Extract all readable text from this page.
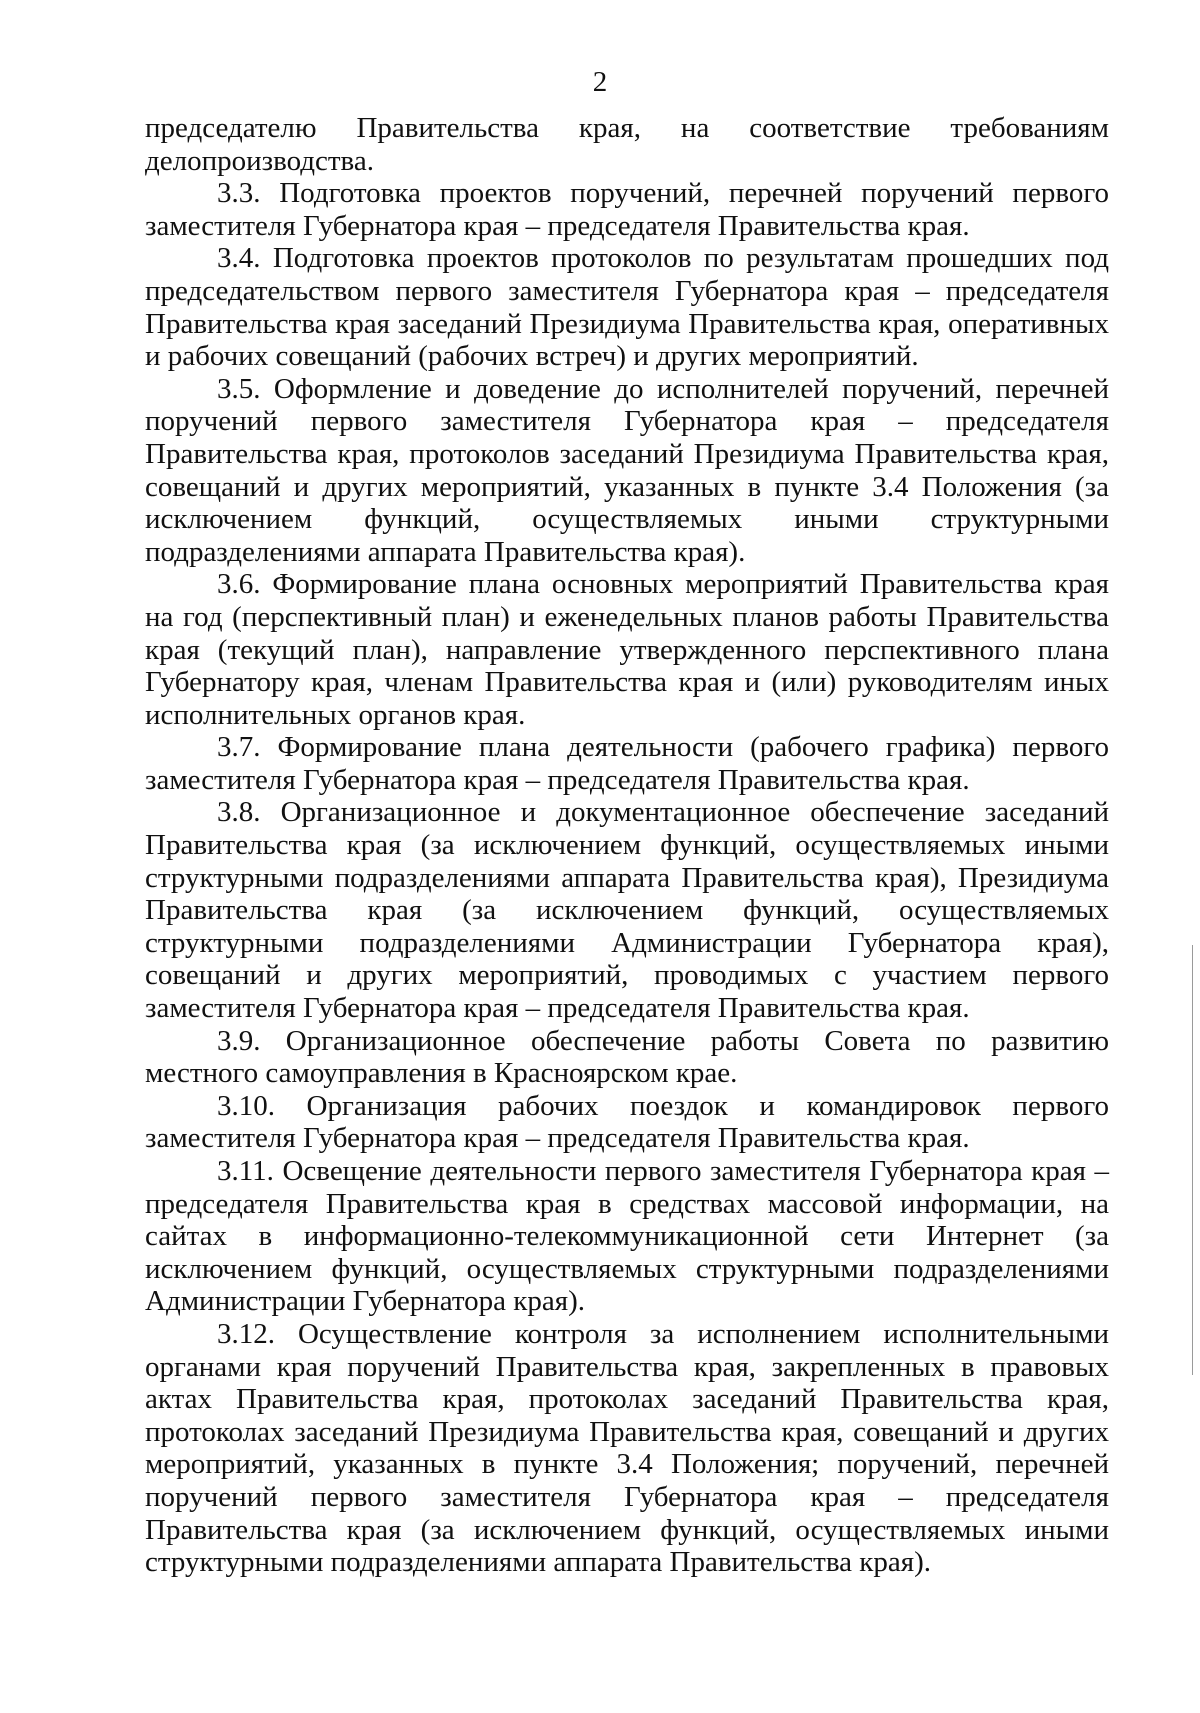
2

председателю Правительства края, на соответствие требованиям делопроизводства.

3.3. Подготовка проектов поручений, перечней поручений первого заместителя Губернатора края – председателя Правительства края.

3.4. Подготовка проектов протоколов по результатам прошедших под председательством первого заместителя Губернатора края – председателя Правительства края заседаний Президиума Правительства края, оперативных и рабочих совещаний (рабочих встреч) и других мероприятий.

3.5. Оформление и доведение до исполнителей поручений, перечней поручений первого заместителя Губернатора края – председателя Правительства края, протоколов заседаний Президиума Правительства края, совещаний и других мероприятий, указанных в пункте 3.4 Положения (за исключением функций, осуществляемых иными структурными подразделениями аппарата Правительства края).

3.6. Формирование плана основных мероприятий Правительства края на год (перспективный план) и еженедельных планов работы Правительства края (текущий план), направление утвержденного перспективного плана Губернатору края, членам Правительства края и (или) руководителям иных исполнительных органов края.

3.7. Формирование плана деятельности (рабочего графика) первого заместителя Губернатора края – председателя Правительства края.

3.8. Организационное и документационное обеспечение заседаний Правительства края (за исключением функций, осуществляемых иными структурными подразделениями аппарата Правительства края), Президиума Правительства края (за исключением функций, осуществляемых структурными подразделениями Администрации Губернатора края), совещаний и других мероприятий, проводимых с участием первого заместителя Губернатора края – председателя Правительства края.

3.9. Организационное обеспечение работы Совета по развитию местного самоуправления в Красноярском крае.

3.10. Организация рабочих поездок и командировок первого заместителя Губернатора края – председателя Правительства края.

3.11. Освещение деятельности первого заместителя Губернатора края – председателя Правительства края в средствах массовой информации, на сайтах в информационно-телекоммуникационной сети Интернет (за исключением функций, осуществляемых структурными подразделениями Администрации Губернатора края).

3.12. Осуществление контроля за исполнением исполнительными органами края поручений Правительства края, закрепленных в правовых актах Правительства края, протоколах заседаний Правительства края, протоколах заседаний Президиума Правительства края, совещаний и других мероприятий, указанных в пункте 3.4 Положения; поручений, перечней поручений первого заместителя Губернатора края – председателя Правительства края (за исключением функций, осуществляемых иными структурными подразделениями аппарата Правительства края).
